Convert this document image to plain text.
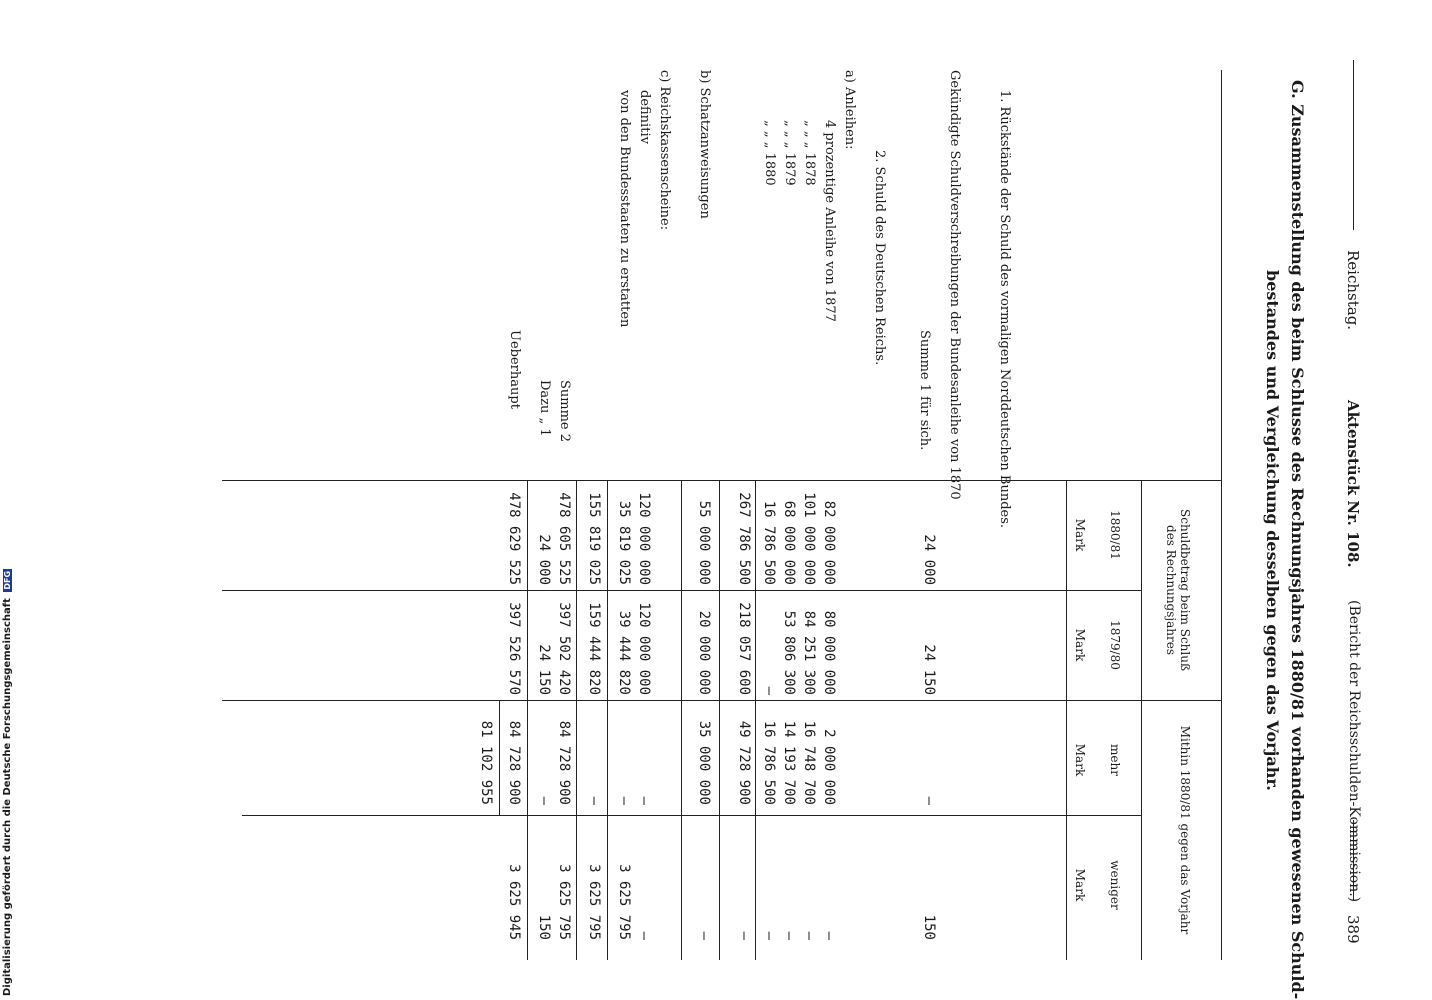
Reichstag.
Aktenstück Nr. 108.
(Bericht der Reichsschulden-Kommission.)
389
G. Zusammenstellung des beim Schlusse des Rechnungsjahres 1880/81 vorhanden gewesenen Schuld-
bestandes und Vergleichung desselben gegen das Vorjahr.
Schuldbetrag beim Schluß des Rechnungsjahres
1880/81
1879/80
Mithin 1880/81 gegen das Vorjahr
mehr
weniger
Mark
Mark
Mark
Mark
1. Rückstände der Schuld des vormaligen Norddeutschen Bundes.
Gekündigte Schuldverschreibungen der Bundesanleihe von 1870
Summe 1 für sich.
2. Schuld des Deutschen Reichs.
a) Anleihen:
4 prozentige Anleihe von 1877
„ „ „ 1878
„ „ „ 1879
„ „ „ 1880
b) Schatzanweisungen
c) Reichskassenscheine:
definitiv
von den Bundesstaaten zu erstatten
Summe 2
Dazu „ 1
Ueberhaupt
24 000
24 150
—
150
82 000 000
80 000 000
2 000 000
—
101 000 000
84 251 300
16 748 700
—
68 000 000
53 806 300
14 193 700
—
16 786 500
—
16 786 500
—
267 786 500
218 057 600
49 728 900
—
55 000 000
20 000 000
35 000 000
—
120 000 000
120 000 000
—
—
35 819 025
39 444 820
—
3 625 795
155 819 025
159 444 820
—
3 625 795
478 605 525
397 502 420
84 728 900
3 625 795
24 000
24 150
—
150
478 629 525
397 526 570
84 728 900
3 625 945
81 102 955
Digitalisierung gefördert durch die Deutsche Forschungsgemeinschaft DFG
